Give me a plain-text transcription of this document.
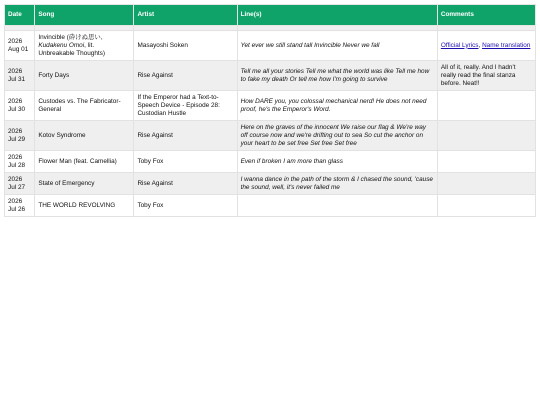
Date	Song	Artist	Line(s)	Comments

2026
Aug 01	Invincible (砕けぬ思い, Kudakenu Omoi, lit. Unbreakable Thoughts)	Masayoshi Soken	Yet ever we still stand tall Invincible Never we fall	Official Lyrics, Name translation
2026
Jul 31	Forty Days	Rise Against	Tell me all your stories Tell me what the world was like Tell me how to fake my death Or tell me how I'm going to survive	All of it, really. And I hadn't really read the final stanza before. Neat!!
2026
Jul 30	Custodes vs. The Fabricator-General	If the Emperor had a Text-to-Speech Device - Episode 28: Custodian Hustle	How DARE you, you colossal mechanical nerd! He does not need proof, he's the Emperor's Word.	
2026
Jul 29	Kotov Syndrome	Rise Against	Here on the graves of the innocent We raise our flag & We're way off course now and we're drifting out to sea So cut the anchor on your heart to be set free Set free Set free	
2026
Jul 28	Flower Man (feat. Camellia)	Toby Fox	Even if broken I am more than glass	
2026
Jul 27	State of Emergency	Rise Against	I wanna dance in the path of the storm & I chased the sound, 'cause the sound, well, it's never failed me	
2026
Jul 26	THE WORLD REVOLVING	Toby Fox		
